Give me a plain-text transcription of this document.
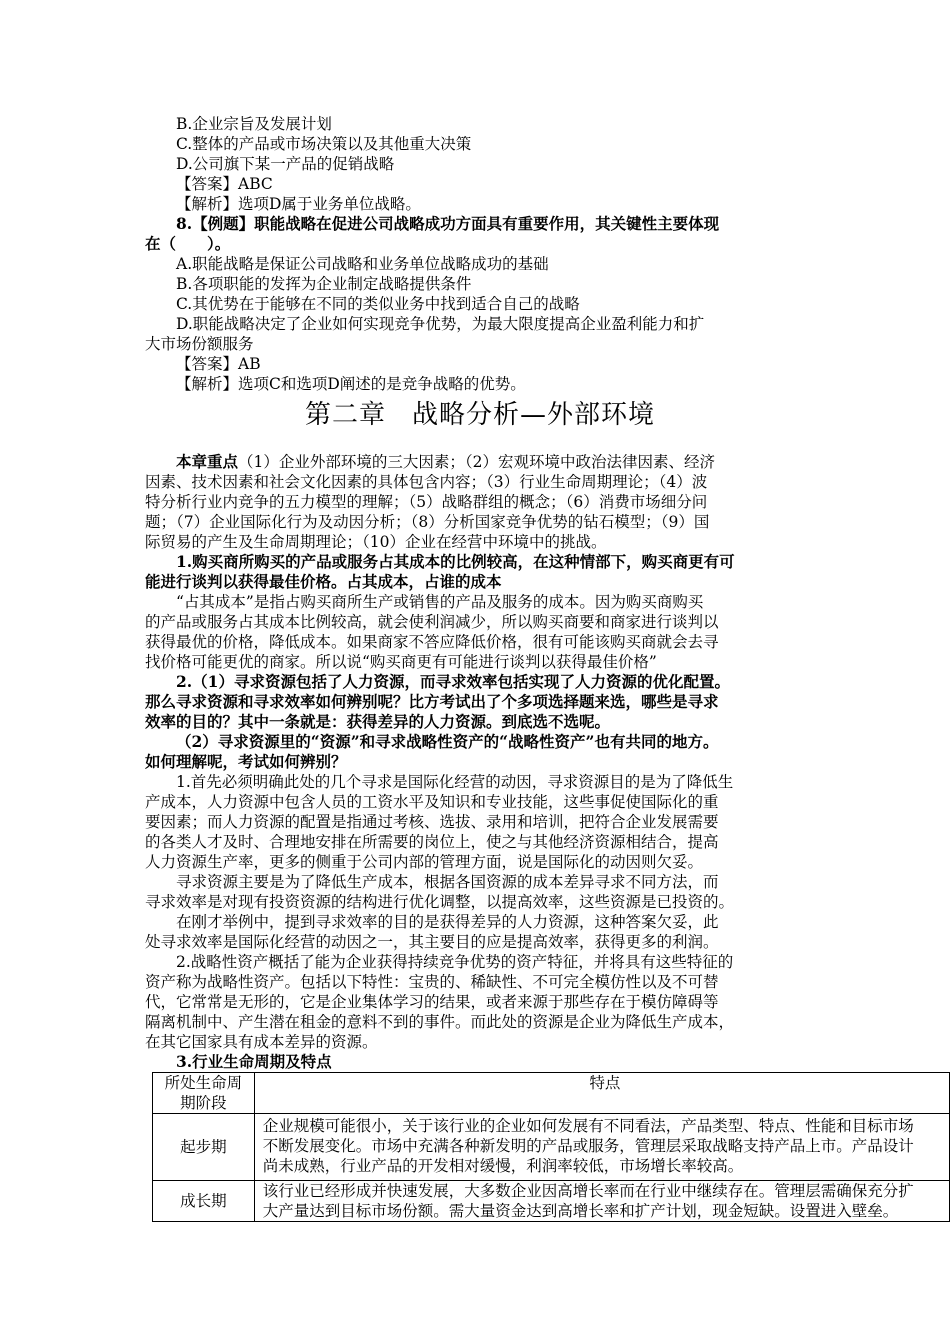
B.企业宗旨及发展计划

C.整体的产品或市场决策以及其他重大决策

D.公司旗下某一产品的促销战略

【答案】ABC

【解析】选项D属于业务单位战略。

8.【例题】职能战略在促进公司战略成功方面具有重要作用，其关键性主要体现

在（　　）。

A.职能战略是保证公司战略和业务单位战略成功的基础

B.各项职能的发挥为企业制定战略提供条件

C.其优势在于能够在不同的类似业务中找到适合自己的战略

D.职能战略决定了企业如何实现竞争优势，为最大限度提高企业盈利能力和扩

大市场份额服务

【答案】AB

【解析】选项C和选项D阐述的是竞争战略的优势。

第二章 战略分析—外部环境

本章重点（1）企业外部环境的三大因素；（2）宏观环境中政治法律因素、经济

因素、技术因素和社会文化因素的具体包含内容；（3）行业生命周期理论；（4）波

特分析行业内竞争的五力模型的理解；（5）战略群组的概念；（6）消费市场细分问

题；（7）企业国际化行为及动因分析；（8）分析国家竞争优势的钻石模型；（9）国

际贸易的产生及生命周期理论；（10）企业在经营中环境中的挑战。

1.购买商所购买的产品或服务占其成本的比例较高，在这种情部下，购买商更有可

能进行谈判以获得最佳价格。占其成本，占谁的成本

“占其成本”是指占购买商所生产或销售的产品及服务的成本。因为购买商购买

的产品或服务占其成本比例较高，就会使利润减少，所以购买商要和商家进行谈判以

获得最优的价格，降低成本。如果商家不答应降低价格，很有可能该购买商就会去寻

找价格可能更优的商家。所以说“购买商更有可能进行谈判以获得最佳价格”

2.（1）寻求资源包括了人力资源，而寻求效率包括实现了人力资源的优化配置。

那么寻求资源和寻求效率如何辨别呢？比方考试出了个多项选择题来选，哪些是寻求

效率的目的？其中一条就是：获得差异的人力资源。到底选不选呢。

（2）寻求资源里的“资源”和寻求战略性资产的“战略性资产”也有共同的地方。

如何理解呢，考试如何辨别？

1.首先必须明确此处的几个寻求是国际化经营的动因，寻求资源目的是为了降低生

产成本，人力资源中包含人员的工资水平及知识和专业技能，这些事促使国际化的重

要因素；而人力资源的配置是指通过考核、选拔、录用和培训，把符合企业发展需要

的各类人才及时、合理地安排在所需要的岗位上，使之与其他经济资源相结合，提高

人力资源生产率，更多的侧重于公司内部的管理方面，说是国际化的动因则欠妥。

寻求资源主要是为了降低生产成本，根据各国资源的成本差异寻求不同方法，而

寻求效率是对现有投资资源的结构进行优化调整，以提高效率，这些资源是已投资的。

在刚才举例中，提到寻求效率的目的是获得差异的人力资源，这种答案欠妥，此

处寻求效率是国际化经营的动因之一，其主要目的应是提高效率，获得更多的利润。

2.战略性资产概括了能为企业获得持续竞争优势的资产特征，并将具有这些特征的

资产称为战略性资产。包括以下特性：宝贵的、稀缺性、不可完全模仿性以及不可替

代，它常常是无形的，它是企业集体学习的结果，或者来源于那些存在于模仿障碍等

隔离机制中、产生潜在租金的意料不到的事件。而此处的资源是企业为降低生产成本，

在其它国家具有成本差异的资源。

3.行业生命周期及特点

所处生命周
期阶段	特点
起步期	企业规模可能很小，关于该行业的企业如何发展有不同看法，产品类型、特点、性能和目标市场
不断发展变化。市场中充满各种新发明的产品或服务，管理层采取战略支持产品上市。产品设计
尚未成熟，行业产品的开发相对缓慢，利润率较低，市场增长率较高。

成长期	该行业已经形成并快速发展，大多数企业因高增长率而在行业中继续存在。管理层需确保充分扩
大产量达到目标市场份额。需大量资金达到高增长率和扩产计划，现金短缺。设置进入壁垒。
